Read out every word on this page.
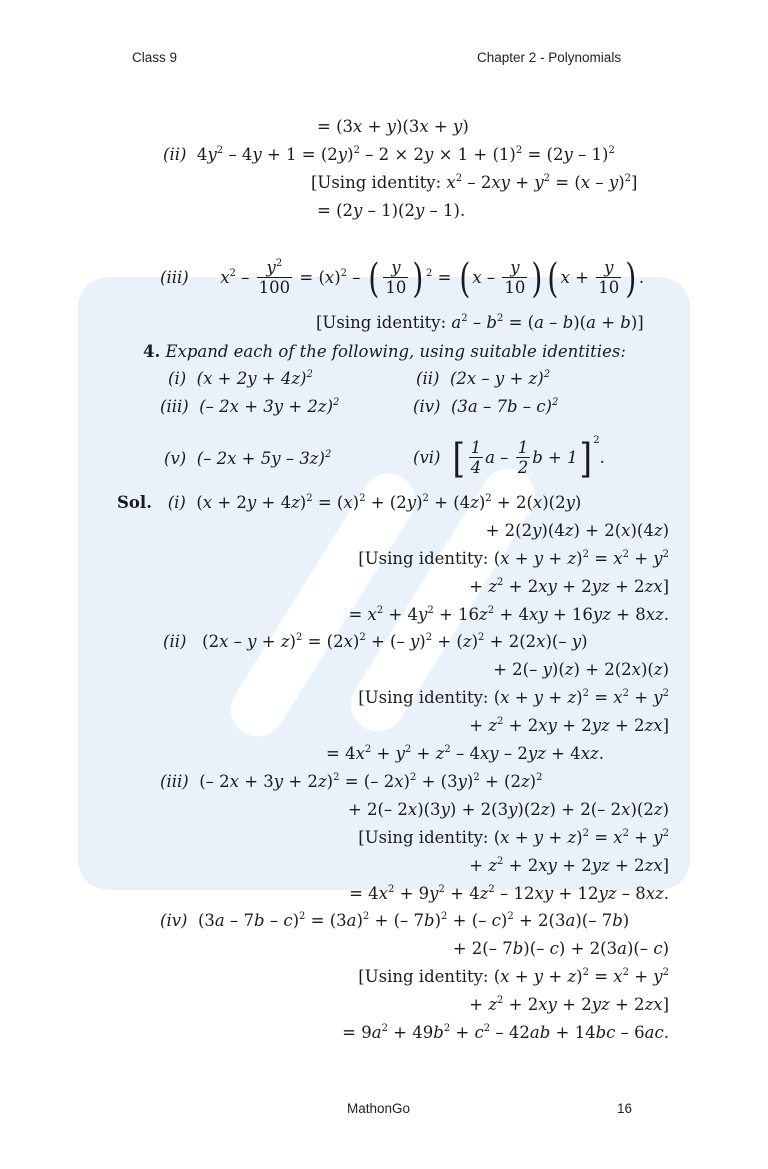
Class 9	Chapter 2 - Polynomials
= (3x + y)(3x + y)
(ii)  $4y^2 - 4y + 1 = (2y)^2 - 2 \times 2y \times 1 + (1)^2 = (2y - 1)^2$
[Using identity: $x^2 - 2xy + y^2 = (x - y)^2$]
= (2y – 1)(2y – 1).
(iii) $x^2 - \frac{y^2}{100} = (x)^2$ – ( $\frac{y}{10}$ ) $^2$ = ( x – $\frac{y}{10}$ ) ( $x + \frac{y}{10}$ ) .
[Using identity: $a^2 - b^2 = (a - b)(a + b)$]
4. Expand each of the following, using suitable identities:
(i) $(x + 2y + 4z)^2$	(ii) $(2x - y + z)^2$
(iii) (– 2x + 3y + 2z)$^2$	(iv) (3a – 7b – c)$^2$
(v) (– 2x + 5y – 3z)$^2$	(vi) [ $\frac{1}{4}$ a – $\frac{1}{2}$ b + 1] $^2$.
Sol. (i)  $(x + 2y + 4z)^2 = (x)^2 + (2y)^2 + (4z)^2 + 2(x)(2y)$
+ 2(2y)(4z) + 2(x)(4z)
[Using identity: $(x + y + z)^2 = x^2 + y^2$
+ $z^2 + 2xy + 2yz + 2zx$]
= $x^2 + 4y^2 + 16z^2 + 4xy + 16yz + 8xz$.
(ii)   $(2x - y + z)^2 = (2x)^2$ + (– $y)^2 + (z)^2 + 2(2x)(-$ y)
+ 2(– y)(z) + 2(2x)(z)
[Using identity: $(x + y + z)^2 = x^2 + y^2$
+ $z^2 + 2xy + 2yz + 2zx$]
= $4x^2 + y^2 + z^2 - 4xy - 2yz + 4xz$.
(iii)  (– 2x + 3y + 2z)$^2$ = (– $2x)^2 + (3y)^2 + (2z)^2$
+ 2(– 2x)(3y) + 2(3y)(2z) + 2(– 2x)(2z)
[Using identity: $(x + y + z)^2 = x^2 + y^2$
+ $z^2 + 2xy + 2yz + 2zx$]
= $4x^2 + 9y^2 + 4z^2 - 12xy + 12yz - 8xz$.
(iv)  $(3a - 7b - c)^2 = (3a)^2$ + (– 7b)$^2$ + (– c)$^2$ + 2(3a)(– 7b)
+ 2(– 7b)(– c) + 2(3a)(– c)
[Using identity: $(x + y + z)^2 = x^2 + y^2$
+ $z^2 + 2xy + 2yz + 2zx$]
= $9a^2 + 49b^2 + c^2 - 42ab + 14bc - 6ac$.
MathonGo	16
